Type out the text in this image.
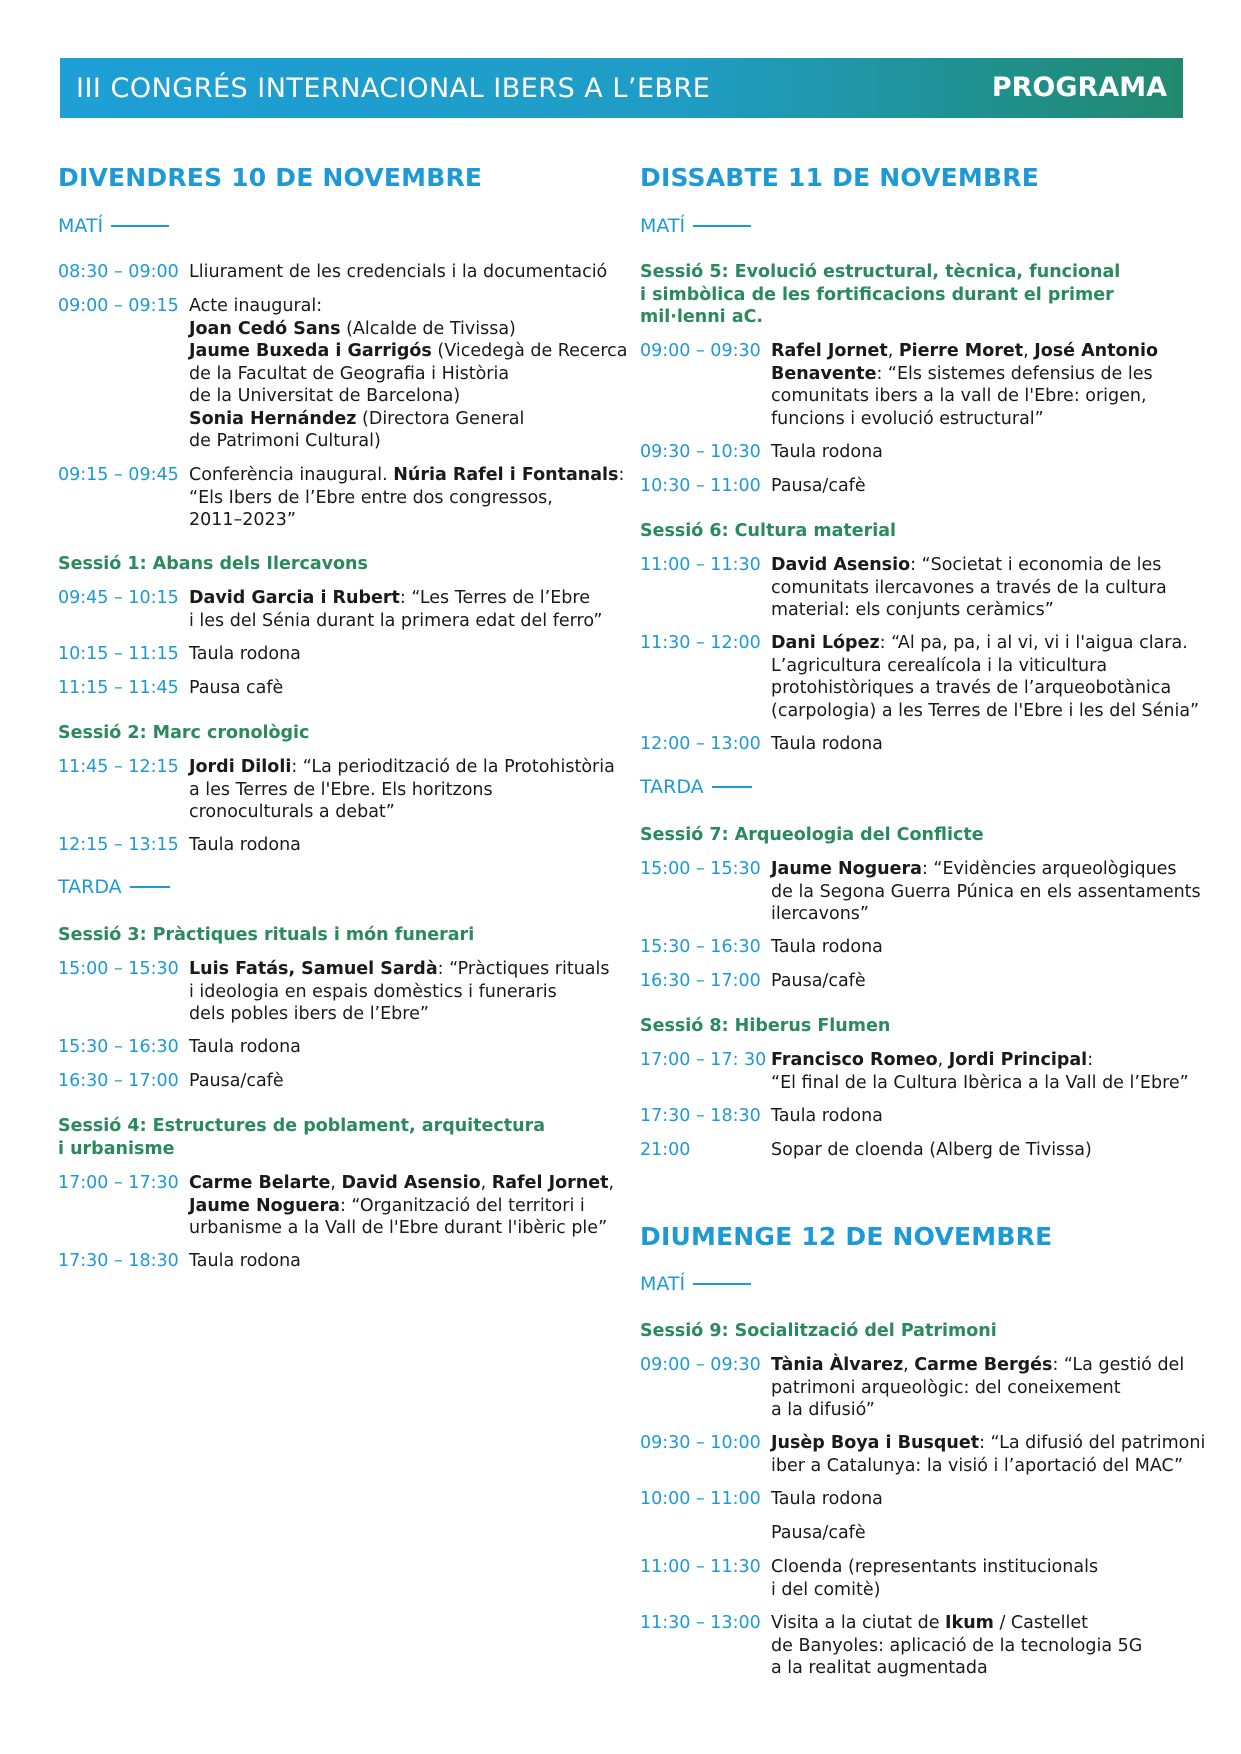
III CONGRÉS INTERNACIONAL IBERS A L’EBRE	PROGRAMA
DIVENDRES 10 DE NOVEMBRE
MATÍ
08:30 – 09:00 Lliurament de les credencials i la documentació
09:00 – 09:15 Acte inaugural:
Joan Cedó Sans (Alcalde de Tivissa)
Jaume Buxeda i Garrigós (Vicedegà de Recerca
de la Facultat de Geografia i Història
de la Universitat de Barcelona)
Sonia Hernández (Directora General
de Patrimoni Cultural)
09:15 – 09:45 Conferència inaugural. Núria Rafel i Fontanals:
“Els Ibers de l’Ebre entre dos congressos,
2011–2023”
Sessió 1: Abans dels Ilercavons
09:45 – 10:15 David Garcia i Rubert: “Les Terres de l’Ebre
i les del Sénia durant la primera edat del ferro”
10:15 – 11:15 Taula rodona
11:15 – 11:45 Pausa cafè
Sessió 2: Marc cronològic
11:45 – 12:15 Jordi Diloli: “La periodització de la Protohistòria
a les Terres de l'Ebre. Els horitzons
cronoculturals a debat”
12:15 – 13:15 Taula rodona
TARDA
Sessió 3: Pràctiques rituals i món funerari
15:00 – 15:30 Luis Fatás, Samuel Sardà: “Pràctiques rituals
i ideologia en espais domèstics i funeraris
dels pobles ibers de l’Ebre”
15:30 – 16:30 Taula rodona
16:30 – 17:00 Pausa/cafè
Sessió 4: Estructures de poblament, arquitectura
i urbanisme
17:00 – 17:30 Carme Belarte, David Asensio, Rafel Jornet,
Jaume Noguera: “Organització del territori i
urbanisme a la Vall de l'Ebre durant l'ibèric ple”
17:30 – 18:30 Taula rodona
DISSABTE 11 DE NOVEMBRE
MATÍ
Sessió 5: Evolució estructural, tècnica, funcional
i simbòlica de les fortificacions durant el primer
mil·lenni aC.
09:00 – 09:30 Rafel Jornet, Pierre Moret, José Antonio
Benavente: “Els sistemes defensius de les
comunitats ibers a la vall de l'Ebre: origen,
funcions i evolució estructural”
09:30 – 10:30 Taula rodona
10:30 – 11:00 Pausa/cafè
Sessió 6: Cultura material
11:00 – 11:30 David Asensio: “Societat i economia de les
comunitats ilercavones a través de la cultura
material: els conjunts ceràmics”
11:30 – 12:00 Dani López: “Al pa, pa, i al vi, vi i l'aigua clara.
L’agricultura cerealícola i la viticultura
protohistòriques a través de l’arqueobotànica
(carpologia) a les Terres de l'Ebre i les del Sénia”
12:00 – 13:00 Taula rodona
TARDA
Sessió 7: Arqueologia del Conflicte
15:00 – 15:30 Jaume Noguera: “Evidències arqueològiques
de la Segona Guerra Púnica en els assentaments
ilercavons”
15:30 – 16:30 Taula rodona
16:30 – 17:00 Pausa/cafè
Sessió 8: Hiberus Flumen
17:00 – 17: 30 Francisco Romeo, Jordi Principal:
“El final de la Cultura Ibèrica a la Vall de l’Ebre”
17:30 – 18:30 Taula rodona
21:00	Sopar de cloenda (Alberg de Tivissa)
DIUMENGE 12 DE NOVEMBRE
MATÍ
Sessió 9: Socialització del Patrimoni
09:00 – 09:30 Tània Àlvarez, Carme Bergés: “La gestió del
patrimoni arqueològic: del coneixement
a la difusió”
09:30 – 10:00 Jusèp Boya i Busquet: “La difusió del patrimoni
iber a Catalunya: la visió i l’aportació del MAC”
10:00 – 11:00 Taula rodona
Pausa/cafè
11:00 – 11:30 Cloenda (representants institucionals
i del comitè)
11:30 – 13:00 Visita a la ciutat de Ikum / Castellet
de Banyoles: aplicació de la tecnologia 5G
a la realitat augmentada
